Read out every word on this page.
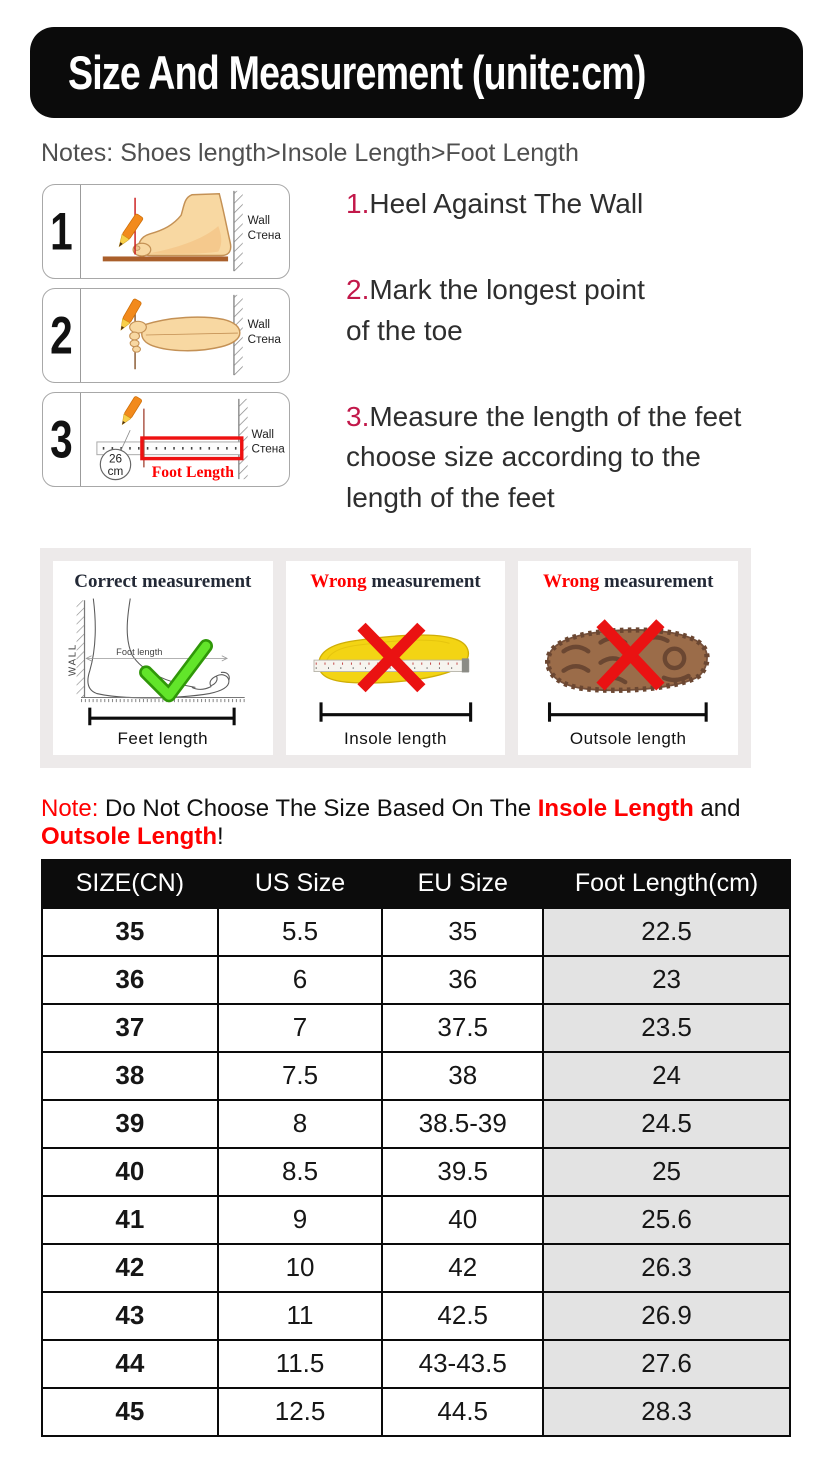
Size And Measurement (unite:cm)
Notes: Shoes length>Insole Length>Foot Length
1	Wall
Стена
2	Wall
Стена
3	Wall
Стена
26
cm Foot Length

1.Heel Against The Wall

2.Mark the longest point
of the toe

3.Measure the length of the feet
choose size according to the
length of the feet

Correct measurement
WALL	Foot length
Feet length
Wrong measurement
Insole length
Wrong measurement
Outsole length

Note: Do Not Choose The Size Based On The Insole Length and Outsole Length!

SIZE(CN)	US Size	EU Size	Foot Length(cm)
35	5.5	35	22.5
36	6	36	23
37	7	37.5	23.5
38	7.5	38	24
39	8	38.5-39	24.5
40	8.5	39.5	25
41	9	40	25.6
42	10	42	26.3
43	11	42.5	26.9
44	11.5	43-43.5	27.6
45	12.5	44.5	28.3
